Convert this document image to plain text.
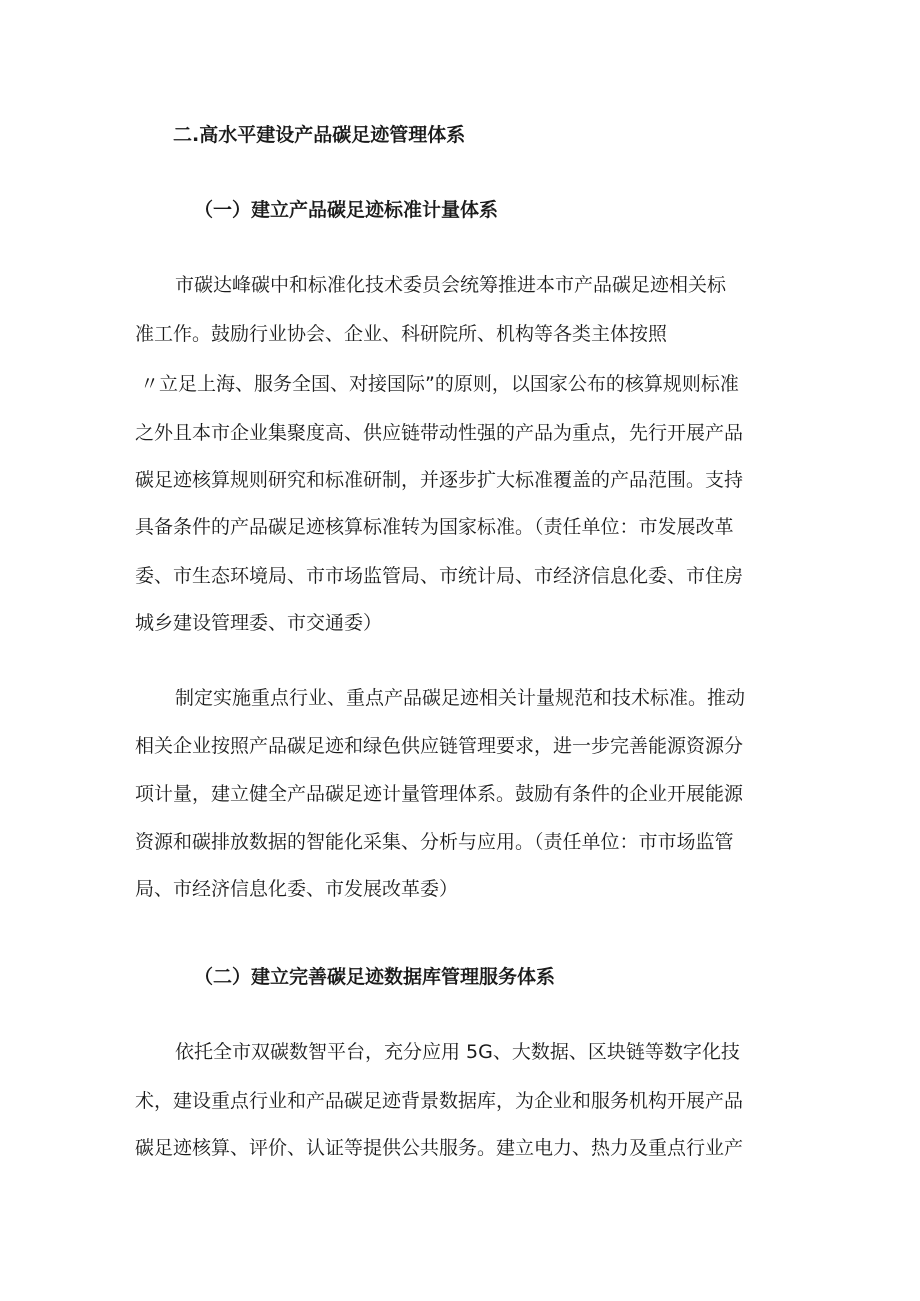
二.高水平建设产品碳足迹管理体系
（一）建立产品碳足迹标准计量体系

市碳达峰碳中和标准化技术委员会统筹推进本市产品碳足迹相关标

准工作。鼓励行业协会、企业、科研院所、机构等各类主体按照

〃立足上海、服务全国、对接国际”的原则，以国家公布的核算规则标准

之外且本市企业集聚度高、供应链带动性强的产品为重点，先行开展产品

碳足迹核算规则研究和标准研制，并逐步扩大标准覆盖的产品范围。支持

具备条件的产品碳足迹核算标准转为国家标准。（责任单位：市发展改革

委、市生态环境局、市市场监管局、市统计局、市经济信息化委、市住房

城乡建设管理委、市交通委）

制定实施重点行业、重点产品碳足迹相关计量规范和技术标准。推动

相关企业按照产品碳足迹和绿色供应链管理要求，进一步完善能源资源分

项计量，建立健全产品碳足迹计量管理体系。鼓励有条件的企业开展能源

资源和碳排放数据的智能化采集、分析与应用。（责任单位：市市场监管

局、市经济信息化委、市发展改革委）

（二）建立完善碳足迹数据库管理服务体系

依托全市双碳数智平台，充分应用 5G、大数据、区块链等数字化技

术，建设重点行业和产品碳足迹背景数据库，为企业和服务机构开展产品

碳足迹核算、评价、认证等提供公共服务。建立电力、热力及重点行业产
